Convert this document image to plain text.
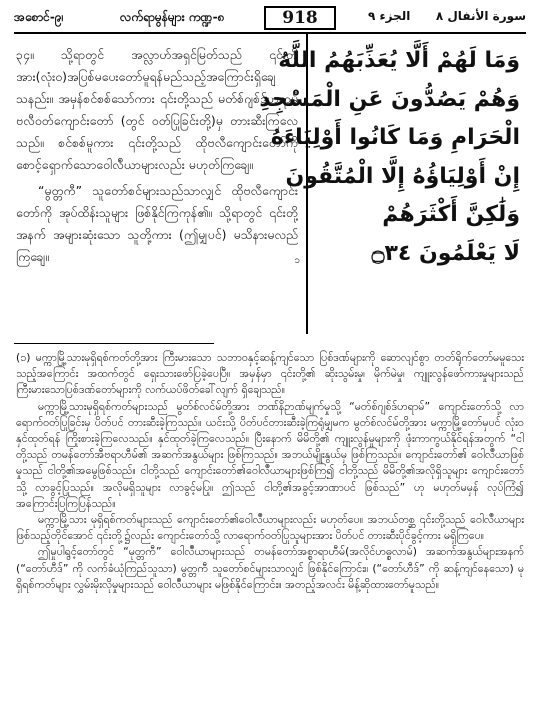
အစောင်-၉၊	လက်ရာမွန်များ ကဏ္ဍ-၈	918	الجزء ٩ سورة الأنفال ٨

၃၄။ သို့ရာတွင် အလ္လာဟ်အရှင်မြတ်သည် ၎င်းတို့အား(လုံး၀)အပြစ်မပေးတော်မူရန်မည်သည့်အကြောင်းရှိချေသနည်း။ အမှန်စင်စစ်သော်ကား ၎င်းတို့သည် မတ်စ်ဂျစ်ဒ်ဟရာမ် ဗလီဝတ်ကျောင်းတော် (တွင် ဝတ်ပြုခြင်းတို့)မှ တားဆီးကြလေသည်။ စင်စစ်မူကား ၎င်းတို့သည် ထိုဗလီကျောင်းတော်ကိုစောင့်ရှောက်သောဝေါလဳယာများလည်း မဟုတ်ကြချေ။

“မွတ္တကီ” သူတော်စင်များသည်သာလျှင် ထိုဗလီကျောင်းတော်ကို အုပ်ထိန်းသူများ ဖြစ်နိုင်ကြကုန်၏။ သို့ရာတွင် ၎င်းတို့အနက် အများဆုံးသော သူတို့ကား (ဤမျှပင်) မသိနားမလည်ကြချေ။	၁
وَمَا لَهُمْ أَلَّا يُعَذِّبَهُمُ اللَّهُ
وَهُمْ يَصُدُّونَ عَنِ الْمَسْجِدِ
الْحَرَامِ وَمَا كَانُوا أَوْلِيَاءَهُ
إِنْ أَوْلِيَاؤُهُ إِلَّا الْمُتَّقُونَ
وَلَٰكِنَّ أَكْثَرَهُمْ
لَا يَعْلَمُونَ ۝٣٤

(၁) မက္ကာမြို့သားမုရှိရစ်ကတ်တို့အား ကြီးမားသော သဘာ၀နှင့်ဆန့်ကျင်သော ပြစ်ဒဏ်များကို ဆောလျင်စွာ တတ်ရိုက်တော်မမူသေးသည့်အကြောင်း အထက်တွင် ရှေးသားဖော်ပြခဲ့ပေပြီ။ အမှန်မှာ ၎င်းတို့၏ ဆိုးသွမ်းမှု၊ မိုက်မဲမှု၊ ကျူးလွန်ဖော်ကားမှုများသည် ကြီးမားသောပြစ်ဒဏ်တော်များကို လက်ယပ်ဖိတ်ခေါ်လျက် ရှိချေသည်။

မက္ကာမြို့သားမုရှိရစ်ကတ်များသည် မွတ်စ်လင်မ်တို့အား ဘဏ်နိဉာဏ်မျက်မှုသို့ “မတ်စ်ဂျစ်ဒ်ဟရာမ်” ကျောင်းတော်သို့ လာရောက်ဝတ်ပြုခြင်းမှ ပိတ်ပင် တားဆီးခဲ့ကြသည်။ ယင်းသို့ ပိတ်ပင်တားဆီးခဲ့ကြရုံမျှမက မွတ်စ်လင်မ်တို့အား မက္ကာမြို့တော်မှပင် လုံးဝနှင်ထုတ်ရန် ကြိုးစားခဲ့ကြလေသည်။ နှင်ထုတ်ခဲ့ကြလေသည်။ ပြီးနောက် မိမိတို့၏ ကျူးလွန်မှုများကို ဖုံးကာကွယ်နိုင်ရန်အတွက် “ငါတို့သည် တမန်တော်အီဗရာဟီမ်၏ အဆက်အနွယ်များ ဖြစ်ကြသည်။ အဘယ်မျိုးနွယ်မှ ဖြစ်ကြသည်။ ကျောင်းတော်၏ ဝေါလဳယာဖြစ်မှုသည် ငါတို့၏အမွေဖြစ်သည်။ ငါတို့သည် ကျောင်းတော်၏ဝေါလဳယာများဖြစ်ကြ၍ ငါတို့သည် မိမိတို့၏အလိုရှိသူများ ကျောင်းတော်သို့ လာခွင့်ပြုသည်။ အလိုမရှိသူများ လာခွင့်မပြု။ ဤသည် ငါတို့၏အခွင့်အာဏာပင် ဖြစ်သည်” ဟု မဟုတ်မမှန် လုပ်ကြံ၍ အကြောင်းပြကြပြန်သည်။

မက္ကာမြို့သား မုရှိရစ်ကတ်များသည် ကျောင်းတော်၏ဝေါလဳယာများလည်း မဟုတ်ပေ။ အဘယ်တစ္ဆ ၎င်းတို့သည် ဝေါလဳယာများ ဖြစ်သည့်တိုင်အောင် ၎င်းတို့၌လည်း ကျောင်းတော်သို့ လာရောက်ဝတ်ပြုသူများအား ပိတ်ပင် တားဆီးပိုင်ခွင့်ကား မရှိကြပေ။

ဤမှုပါရွင့်တော်တွင် “မုတ္တကီ” ဝေါလဳယာများသည် တမန်တော်အစ္စာရာဟီမ်(အလိုင်ဟဓ္စလာမ်) အဆက်အနွယ်များအနက် (“တော်ဟီဒ်” ကို လက်ခံယုံကြည်သူသာ) မွတ္တကီ သူတော်စင်များသာလျှင် ဖြစ်နိုင်ကြောင်း။ (“တော်ဟီဒ်” ကို ဆန့်ကျင်နေသော) မုရှိရစ်ကတ်များ လွှမ်းမိုးလိုမှုများသည် ဝေါလဳယာများ မဖြစ်နိုင်ကြောင်း။ အတည့်အလင်း မိန့်ဆိုထားတော်မူသည်။
